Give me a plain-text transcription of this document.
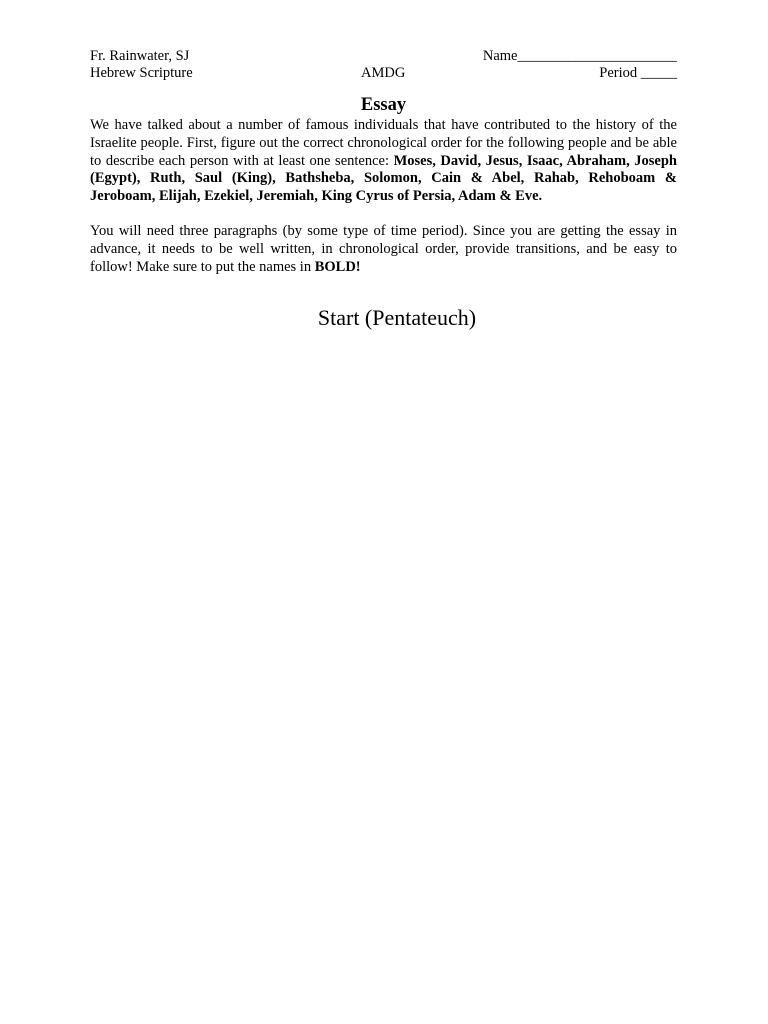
Fr. Rainwater, SJ	Name______________________
Hebrew Scripture	AMDG	Period _____
Essay
We have talked about a number of famous individuals that have contributed to the history of the Israelite people. First, figure out the correct chronological order for the following people and be able to describe each person with at least one sentence: Moses, David, Jesus, Isaac, Abraham, Joseph (Egypt), Ruth, Saul (King), Bathsheba, Solomon, Cain & Abel, Rahab, Rehoboam & Jeroboam, Elijah, Ezekiel, Jeremiah, King Cyrus of Persia, Adam & Eve.
You will need three paragraphs (by some type of time period). Since you are getting the essay in advance, it needs to be well written, in chronological order, provide transitions, and be easy to follow! Make sure to put the names in BOLD!
Start (Pentateuch)
